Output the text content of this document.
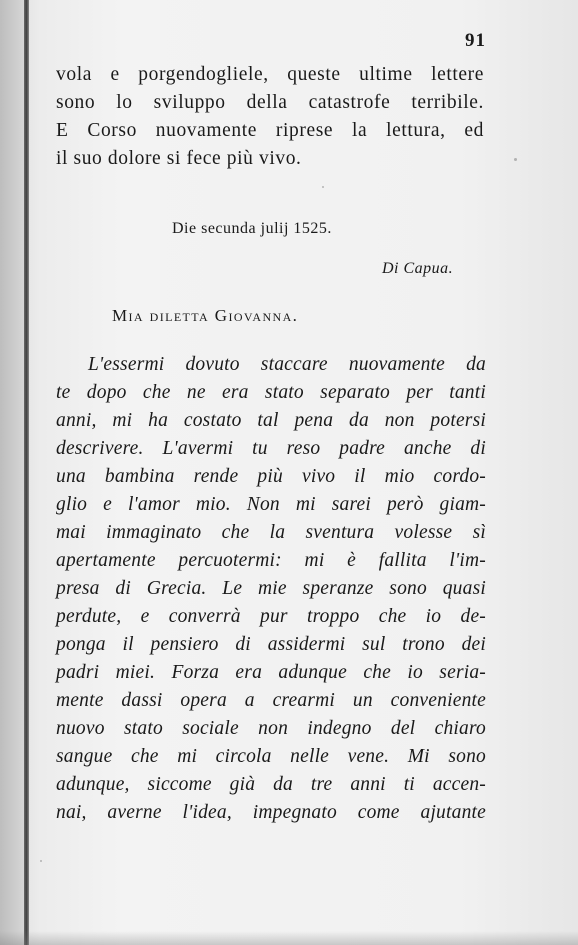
91
vola e porgendogliele, queste ultime lettere
sono lo sviluppo della catastrofe terribile.
E Corso nuovamente riprese la lettura, ed
il suo dolore si fece più vivo.
Die secunda julij 1525.
Di Capua.
Mia diletta Giovanna.
L'essermi dovuto staccare nuovamente da
te dopo che ne era stato separato per tanti
anni, mi ha costato tal pena da non potersi
descrivere. L'avermi tu reso padre anche di
una bambina rende più vivo il mio cordo-
glio e l'amor mio. Non mi sarei però giam-
mai immaginato che la sventura volesse sì
apertamente percuotermi: mi è fallita l'im-
presa di Grecia. Le mie speranze sono quasi
perdute, e converrà pur troppo che io de-
ponga il pensiero di assidermi sul trono dei
padri miei. Forza era adunque che io seria-
mente dassi opera a crearmi un conveniente
nuovo stato sociale non indegno del chiaro
sangue che mi circola nelle vene. Mi sono
adunque, siccome già da tre anni ti accen-
nai, averne l'idea, impegnato come ajutante
